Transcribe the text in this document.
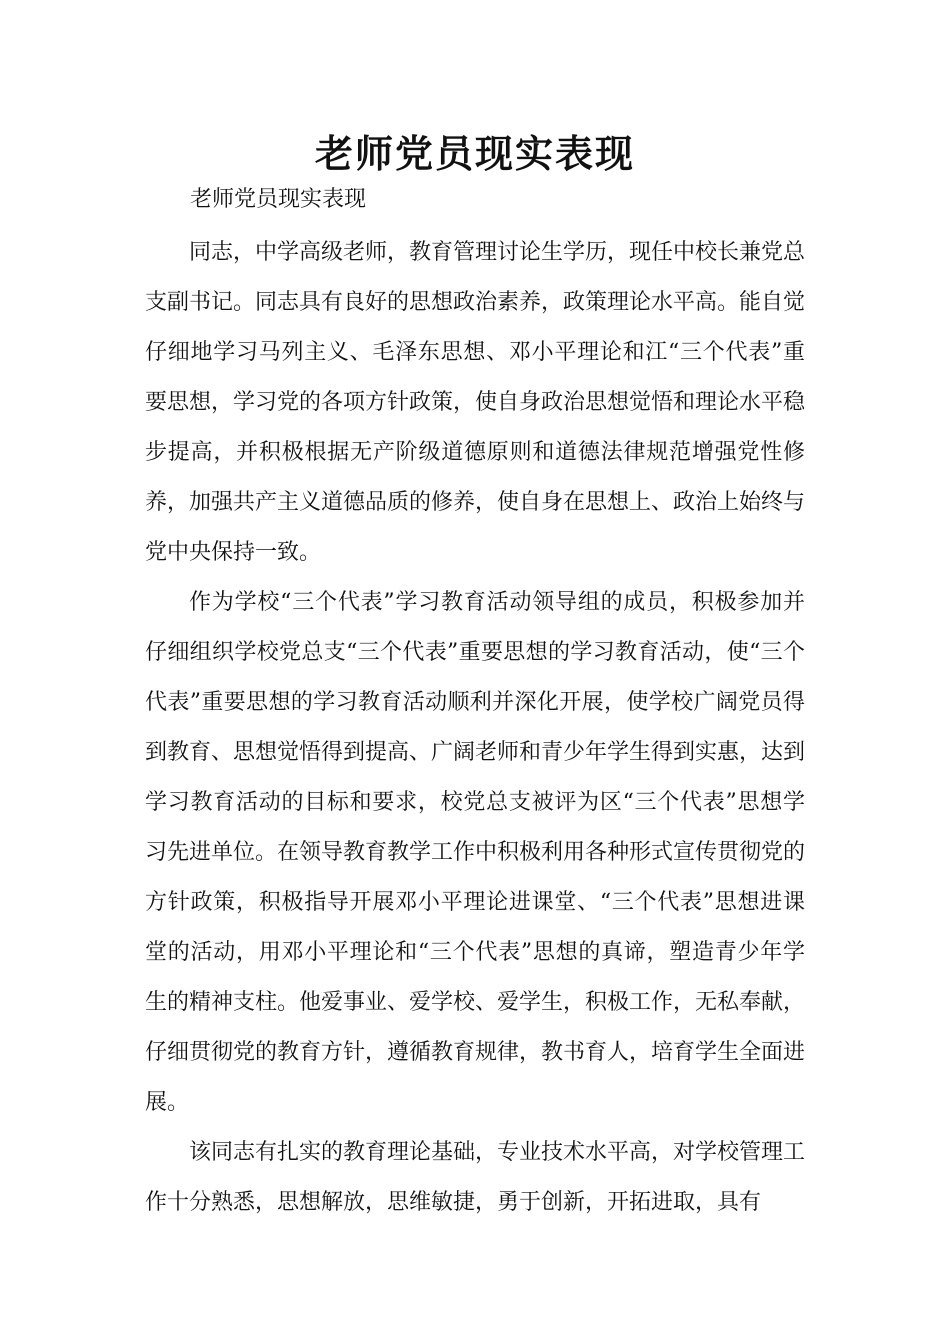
老师党员现实表现
老师党员现实表现

同志，中学高级老师，教育管理讨论生学历，现任中校长兼党总支副书记。同志具有良好的思想政治素养，政策理论水平高。能自觉仔细地学习马列主义、毛泽东思想、邓小平理论和江“三个代表”重要思想，学习党的各项方针政策，使自身政治思想觉悟和理论水平稳步提高，并积极根据无产阶级道德原则和道德法律规范增强党性修养，加强共产主义道德品质的修养，使自身在思想上、政治上始终与党中央保持一致。

作为学校“三个代表”学习教育活动领导组的成员，积极参加并仔细组织学校党总支“三个代表”重要思想的学习教育活动，使“三个代表”重要思想的学习教育活动顺利并深化开展，使学校广阔党员得到教育、思想觉悟得到提高、广阔老师和青少年学生得到实惠，达到学习教育活动的目标和要求，校党总支被评为区“三个代表”思想学习先进单位。在领导教育教学工作中积极利用各种形式宣传贯彻党的方针政策，积极指导开展邓小平理论进课堂、“三个代表”思想进课堂的活动，用邓小平理论和“三个代表”思想的真谛，塑造青少年学生的精神支柱。他爱事业、爱学校、爱学生，积极工作，无私奉献，仔细贯彻党的教育方针，遵循教育规律，教书育人，培育学生全面进展。

该同志有扎实的教育理论基础，专业技术水平高，对学校管理工作十分熟悉，思想解放，思维敏捷，勇于创新，开拓进取，具有
